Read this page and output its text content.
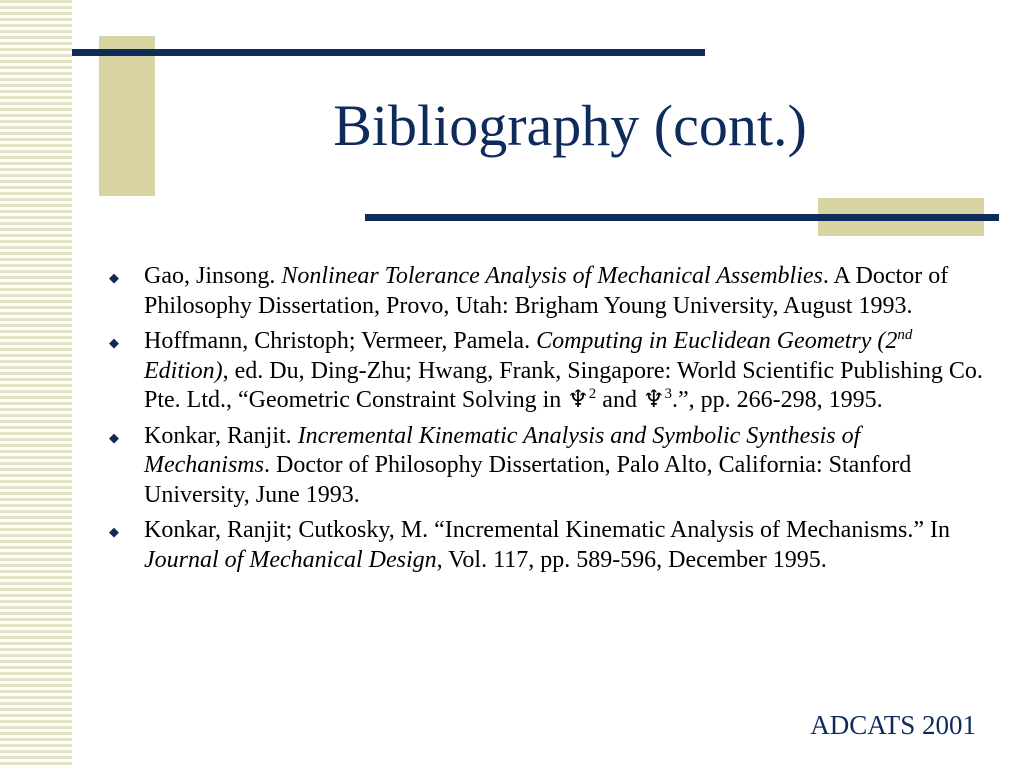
Bibliography (cont.)
◆ Gao, Jinsong. Nonlinear Tolerance Analysis of Mechanical Assemblies. A Doctor of Philosophy Dissertation, Provo, Utah: Brigham Young University, August 1993.
◆ Hoffmann, Christoph; Vermeer, Pamela. Computing in Euclidean Geometry (2nd Edition), ed. Du, Ding-Zhu; Hwang, Frank, Singapore: World Scientific Publishing Co. Pte. Ltd., “Geometric Constraint Solving in ♆$^2$ and ♆$^3$.”, pp. 266-298, 1995.
◆ Konkar, Ranjit. Incremental Kinematic Analysis and Symbolic Synthesis of Mechanisms. Doctor of Philosophy Dissertation, Palo Alto, California: Stanford University, June 1993.
◆ Konkar, Ranjit; Cutkosky, M. “Incremental Kinematic Analysis of Mechanisms.” In Journal of Mechanical Design, Vol. 117, pp. 589-596, December 1995.

ADCATS 2001
